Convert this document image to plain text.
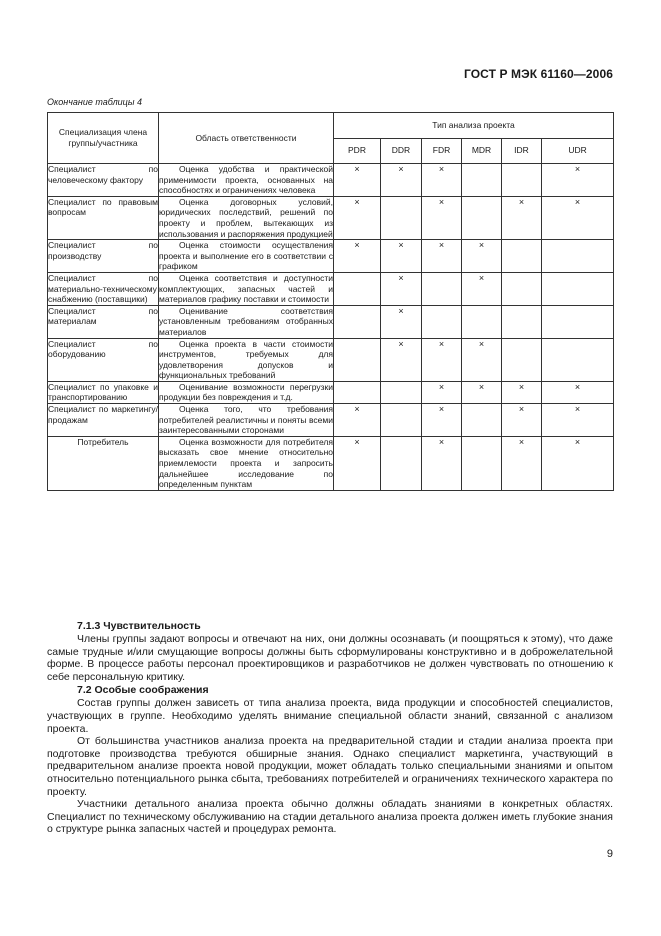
ГОСТ Р МЭК 61160—2006
Окончание таблицы 4
Специализация члена группы/участника	Область ответственности	Тип анализа проекта					
		PDR	DDR	FDR	MDR	IDR	UDR
Специалист по человеческому фактору	Оценка удобства и практической применимости проекта, основанных на способностях и ограничениях человека	×	×	×			×
Специалист по правовым вопросам	Оценка договорных условий, юридических последствий, решений по проекту и проблем, вытекающих из использования и распоряжения продукцией	×		×		×	×
Специалист по производству	Оценка стоимости осуществления проекта и выполнение его в соответствии с графиком	×	×	×	×		
Специалист по материально-техническому снабжению (поставщики)	Оценка соответствия и доступности комплектующих, запасных частей и материалов графику поставки и стоимости		×		×		
Специалист по материалам	Оценивание соответствия установленным требованиям отобранных материалов		×				
Специалист по оборудованию	Оценка проекта в части стоимости инструментов, требуемых для удовлетворения допусков и функциональных требований		×	×	×		
Специалист по упаковке и транспортированию	Оценивание возможности перегрузки продукции без повреждения и т.д.			×	×	×	×
Специалист по маркетингу/продажам	Оценка того, что требования потребителей реалистичны и поняты всеми заинтересованными сторонами	×		×		×	×
Потребитель	Оценка возможности для потребителя высказать свое мнение относительно приемлемости проекта и запросить дальнейшее исследование по определенным пунктам	×		×		×	×
7.1.3 Чувствительность

Члены группы задают вопросы и отвечают на них, они должны осознавать (и поощряться к этому), что даже самые трудные и/или смущающие вопросы должны быть сформулированы конструктивно и в доброжелательной форме. В процессе работы персонал проектировщиков и разработчиков не должен чувствовать по отношению к себе персональную критику.

7.2 Особые соображения

Состав группы должен зависеть от типа анализа проекта, вида продукции и способностей специалистов, участвующих в группе. Необходимо уделять внимание специальной области знаний, связанной с анализом проекта.

От большинства участников анализа проекта на предварительной стадии и стадии анализа проекта при подготовке производства требуются обширные знания. Однако специалист маркетинга, участвующий в предварительном анализе проекта новой продукции, может обладать только специальными знаниями и опытом относительно потенциального рынка сбыта, требованиях потребителей и ограничениях технического характера по проекту.

Участники детального анализа проекта обычно должны обладать знаниями в конкретных областях. Специалист по техническому обслуживанию на стадии детального анализа проекта должен иметь глубокие знания о структуре рынка запасных частей и процедурах ремонта.

9
